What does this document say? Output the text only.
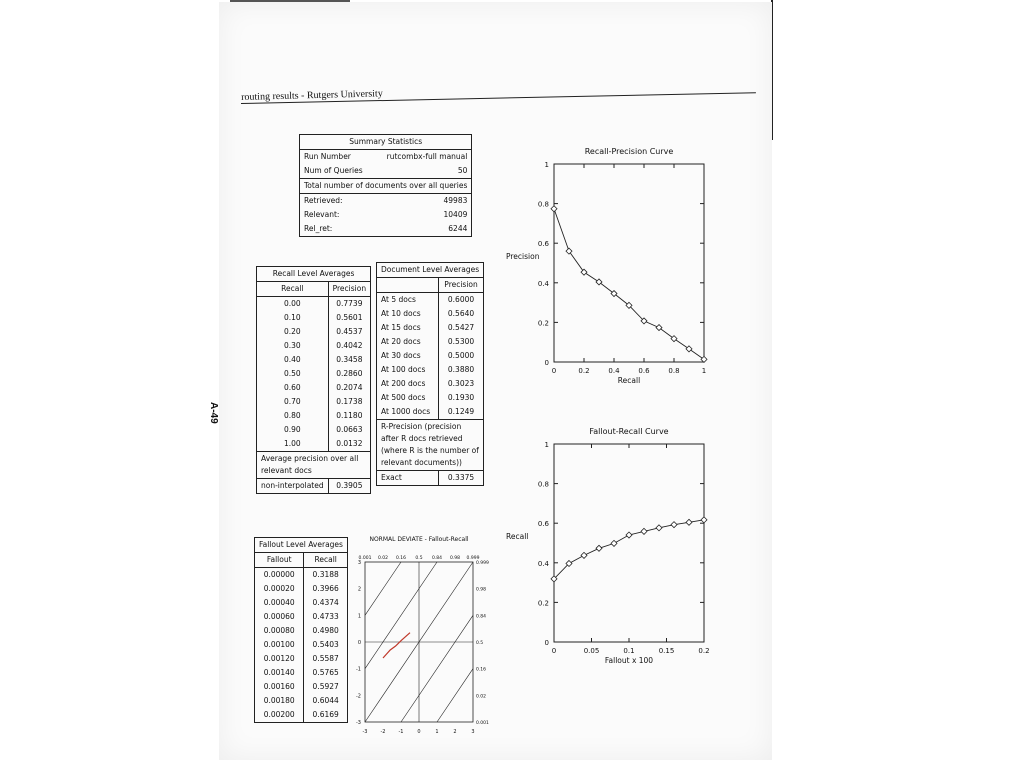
routing results - Rutgers University
A-49
Summary Statistics	
Run Number	rutcombx-full manual
Num of Queries	50
Total number of documents over all queries	
Retrieved:	49983
Relevant:	10409
Rel_ret:	6244
Recall Level Averages	
Recall	Precision
0.00	0.7739
0.10	0.5601
0.20	0.4537
0.30	0.4042
0.40	0.3458
0.50	0.2860
0.60	0.2074
0.70	0.1738
0.80	0.1180
0.90	0.0663
1.00	0.0132
Average precision over all relevant docs	
non-interpolated	0.3905
Document Level Averages	
	Precision
At 5 docs	0.6000
At 10 docs	0.5640
At 15 docs	0.5427
At 20 docs	0.5300
At 30 docs	0.5000
At 100 docs	0.3880
At 200 docs	0.3023
At 500 docs	0.1930
At 1000 docs	0.1249
R-Precision (precision after R docs retrieved (where R is the number of relevant documents))	
Exact	0.3375
Fallout Level Averages	
Fallout	Recall
0.00000	0.3188
0.00020	0.3966
0.00040	0.4374
0.00060	0.4733
0.00080	0.4980
0.00100	0.5403
0.00120	0.5587
0.00140	0.5765
0.00160	0.5927
0.00180	0.6044
0.00200	0.6169
Recall-Precision Curve
0
0.2
0.4
0.6
0.8
1
0	0.2	0.4	0.6	0.8	1
Recall
Precision
Fallout-Recall Curve
0
0.2
0.4
0.6
0.8
1
0	0.05	0.1	0.15	0.2
Fallout x 100
Recall
NORMAL DEVIATE - Fallout-Recall
-3
-2
-1
0
1
2
3
-3	-2	-1	0	1	2	3
0.001 0.02 0.16 0.5 0.84 0.98 0.999
0.999
0.98
0.84
0.5
0.16
0.02
0.001
